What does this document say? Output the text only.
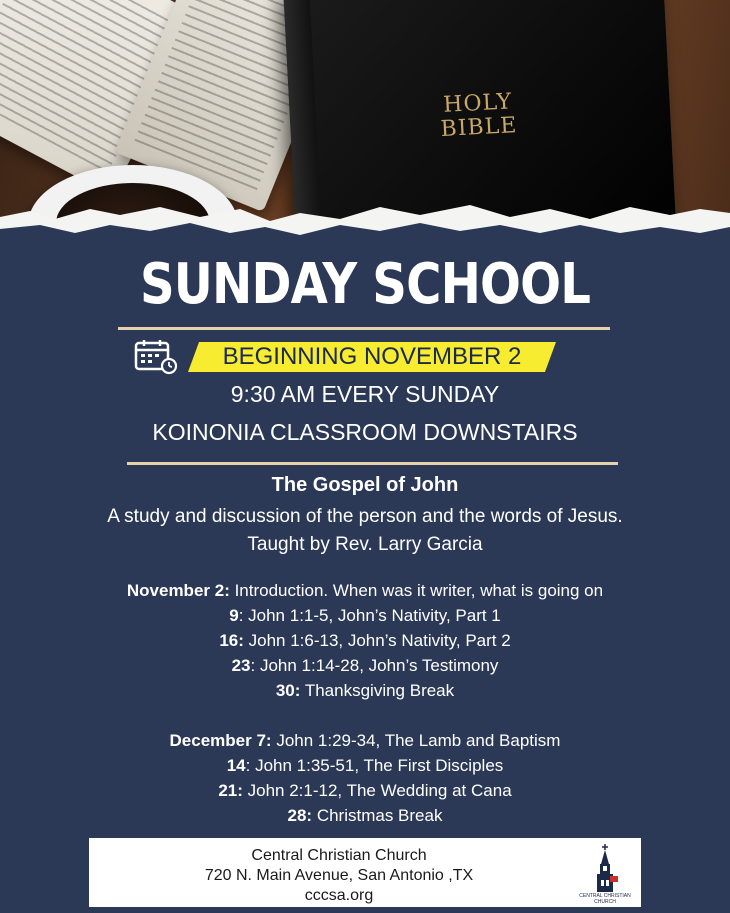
HOLY
BIBLE
SUNDAY SCHOOL
BEGINNING NOVEMBER 2
9:30 AM EVERY SUNDAY
KOINONIA CLASSROOM DOWNSTAIRS
The Gospel of John
A study and discussion of the person and the words of Jesus.
Taught by Rev. Larry Garcia
November 2: Introduction. When was it writer, what is going on
9: John 1:1-5, John’s Nativity, Part 1
16: John 1:6-13, John’s Nativity, Part 2
23: John 1:14-28, John’s Testimony
30: Thanksgiving Break
December 7: John 1:29-34, The Lamb and Baptism
14: John 1:35-51, The First Disciples
21: John 2:1-12, The Wedding at Cana
28: Christmas Break
Central Christian Church
720 N. Main Avenue, San Antonio ,TX
cccsa.org	CENTRAL CHRISTIAN CHURCH
